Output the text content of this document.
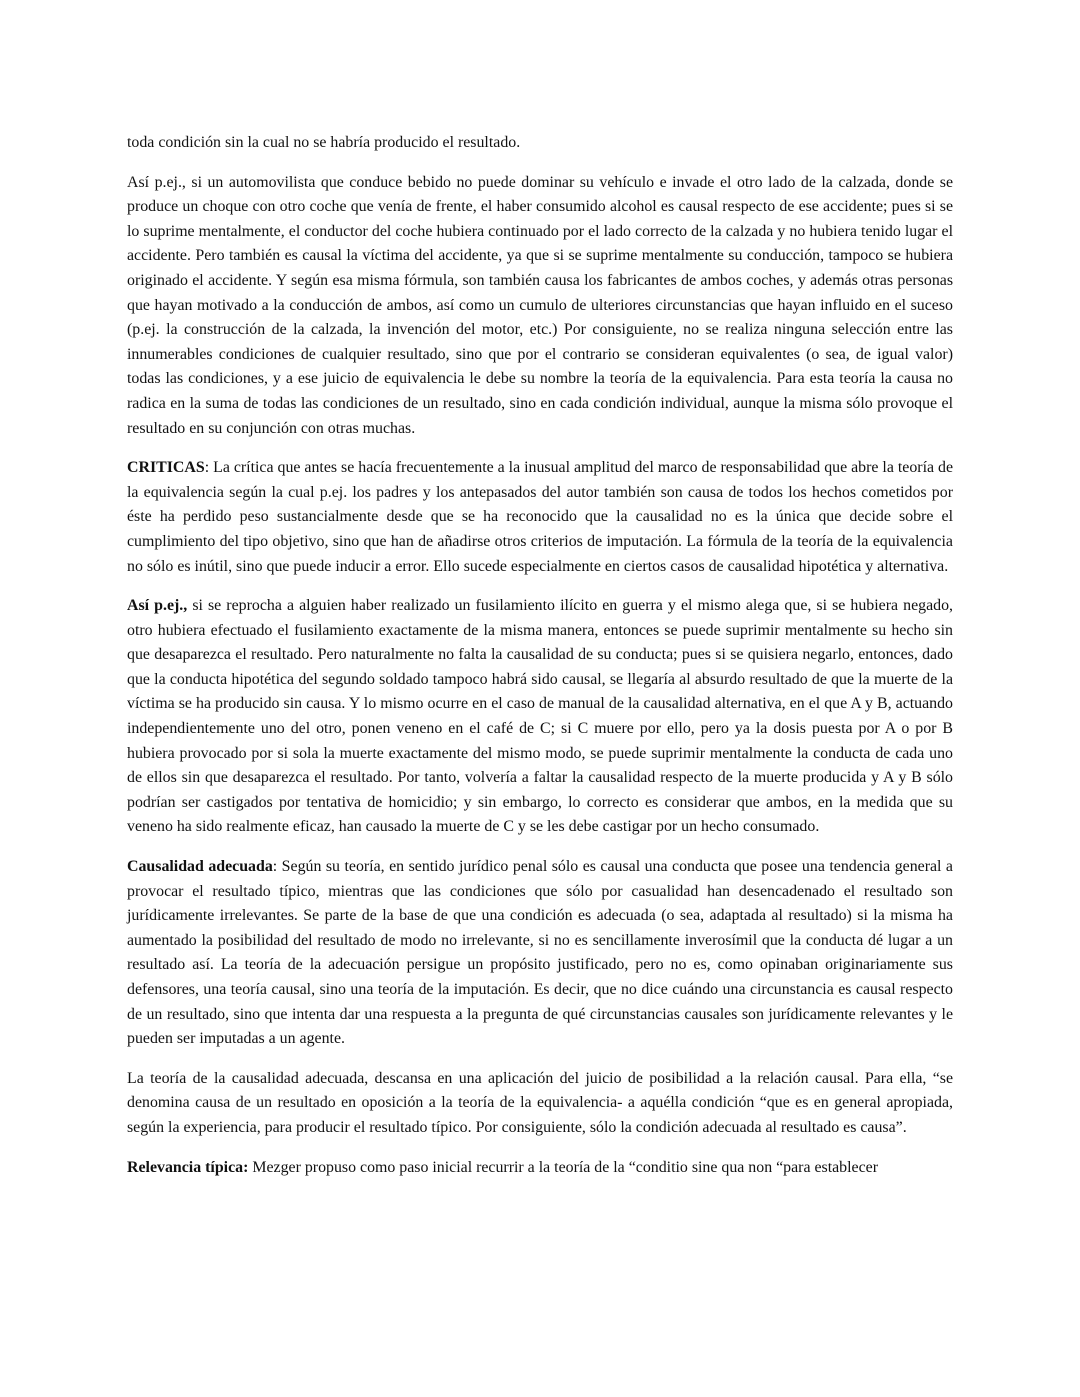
toda condición sin la cual no se habría producido el resultado.

Así p.ej., si un automovilista que conduce bebido no puede dominar su vehículo e invade el otro lado de la calzada, donde se produce un choque con otro coche que venía de frente, el haber consumido alcohol es causal respecto de ese accidente; pues si se lo suprime mentalmente, el conductor del coche hubiera continuado por el lado correcto de la calzada y no hubiera tenido lugar el accidente. Pero también es causal la víctima del accidente, ya que si se suprime mentalmente su conducción, tampoco se hubiera originado el accidente. Y según esa misma fórmula, son también causa los fabricantes de ambos coches, y además otras personas que hayan motivado a la conducción de ambos, así como un cumulo de ulteriores circunstancias que hayan influido en el suceso (p.ej. la construcción de la calzada, la invención del motor, etc.) Por consiguiente, no se realiza ninguna selección entre las innumerables condiciones de cualquier resultado, sino que por el contrario se consideran equivalentes (o sea, de igual valor) todas las condiciones, y a ese juicio de equivalencia le debe su nombre la teoría de la equivalencia. Para esta teoría la causa no radica en la suma de todas las condiciones de un resultado, sino en cada condición individual, aunque la misma sólo provoque el resultado en su conjunción con otras muchas.

CRITICAS: La crítica que antes se hacía frecuentemente a la inusual amplitud del marco de responsabilidad que abre la teoría de la equivalencia según la cual p.ej. los padres y los antepasados del autor también son causa de todos los hechos cometidos por éste ha perdido peso sustancialmente desde que se ha reconocido que la causalidad no es la única que decide sobre el cumplimiento del tipo objetivo, sino que han de añadirse otros criterios de imputación. La fórmula de la teoría de la equivalencia no sólo es inútil, sino que puede inducir a error. Ello sucede especialmente en ciertos casos de causalidad hipotética y alternativa.

Así p.ej., si se reprocha a alguien haber realizado un fusilamiento ilícito en guerra y el mismo alega que, si se hubiera negado, otro hubiera efectuado el fusilamiento exactamente de la misma manera, entonces se puede suprimir mentalmente su hecho sin que desaparezca el resultado. Pero naturalmente no falta la causalidad de su conducta; pues si se quisiera negarlo, entonces, dado que la conducta hipotética del segundo soldado tampoco habrá sido causal, se llegaría al absurdo resultado de que la muerte de la víctima se ha producido sin causa. Y lo mismo ocurre en el caso de manual de la causalidad alternativa, en el que A y B, actuando independientemente uno del otro, ponen veneno en el café de C; si C muere por ello, pero ya la dosis puesta por A o por B hubiera provocado por si sola la muerte exactamente del mismo modo, se puede suprimir mentalmente la conducta de cada uno de ellos sin que desaparezca el resultado. Por tanto, volvería a faltar la causalidad respecto de la muerte producida y A y B sólo podrían ser castigados por tentativa de homicidio; y sin embargo, lo correcto es considerar que ambos, en la medida que su veneno ha sido realmente eficaz, han causado la muerte de C y se les debe castigar por un hecho consumado.

Causalidad adecuada: Según su teoría, en sentido jurídico penal sólo es causal una conducta que posee una tendencia general a provocar el resultado típico, mientras que las condiciones que sólo por casualidad han desencadenado el resultado son jurídicamente irrelevantes. Se parte de la base de que una condición es adecuada (o sea, adaptada al resultado) si la misma ha aumentado la posibilidad del resultado de modo no irrelevante, si no es sencillamente inverosímil que la conducta dé lugar a un resultado así. La teoría de la adecuación persigue un propósito justificado, pero no es, como opinaban originariamente sus defensores, una teoría causal, sino una teoría de la imputación. Es decir, que no dice cuándo una circunstancia es causal respecto de un resultado, sino que intenta dar una respuesta a la pregunta de qué circunstancias causales son jurídicamente relevantes y le pueden ser imputadas a un agente.

La teoría de la causalidad adecuada, descansa en una aplicación del juicio de posibilidad a la relación causal. Para ella, “se denomina causa de un resultado en oposición a la teoría de la equivalencia- a aquélla condición “que es en general apropiada, según la experiencia, para producir el resultado típico. Por consiguiente, sólo la condición adecuada al resultado es causa”.

Relevancia típica: Mezger propuso como paso inicial recurrir a la teoría de la “conditio sine qua non “para establecer
